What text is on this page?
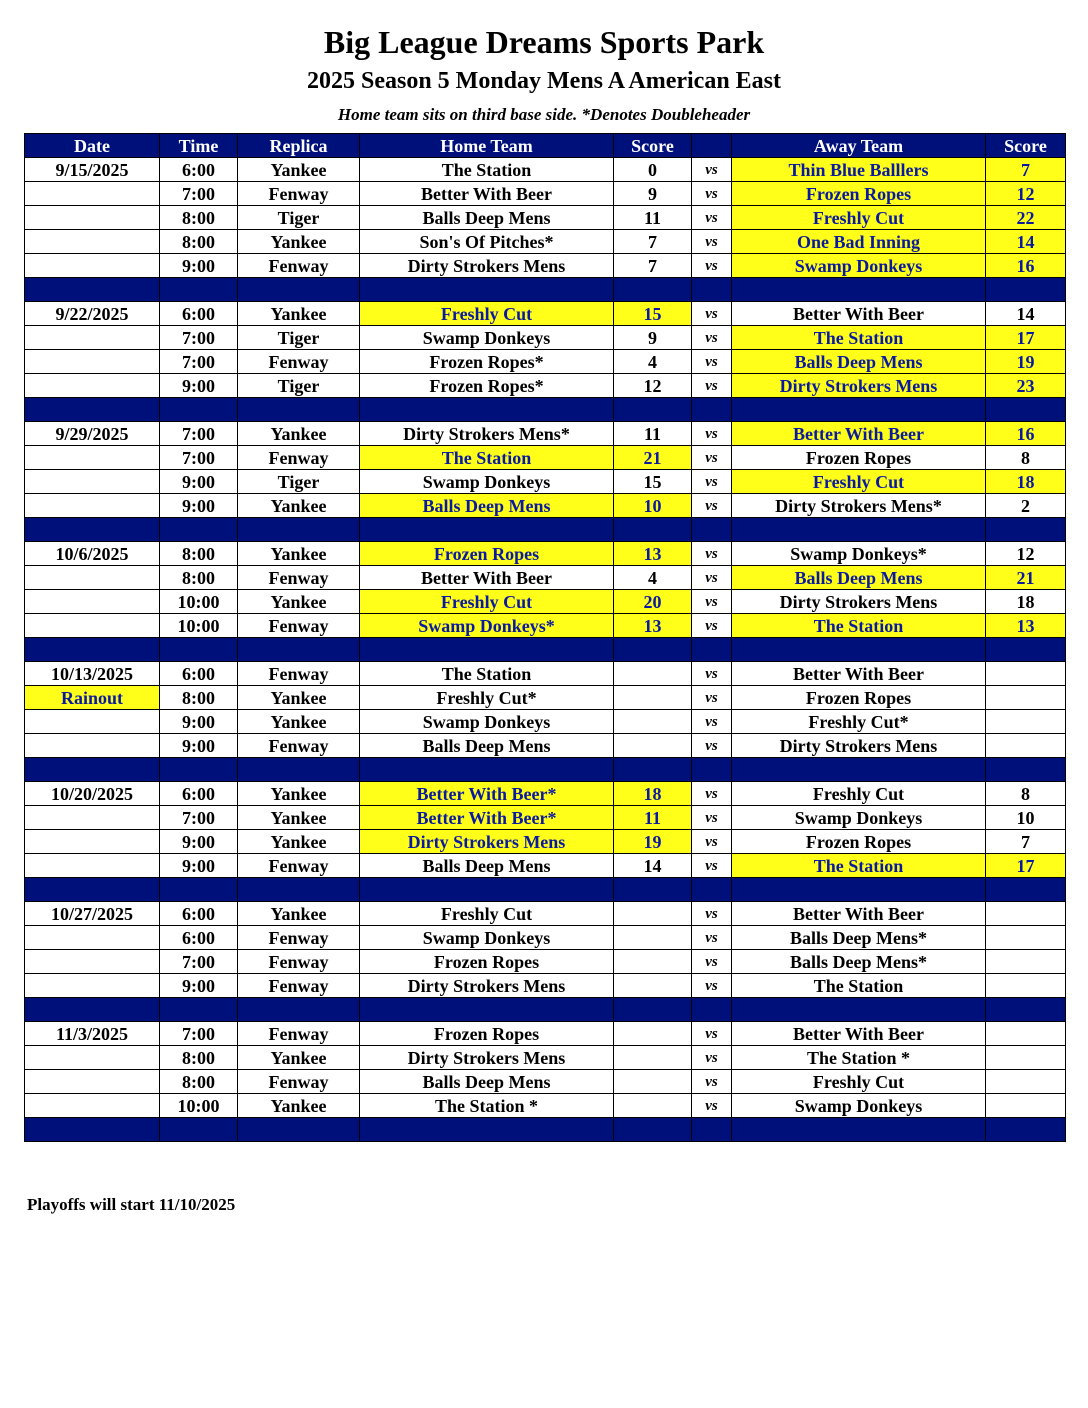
Big League Dreams Sports Park
2025 Season 5 Monday Mens A American East
Home team sits on third base side. *Denotes Doubleheader
Date	Time	Replica	Home Team	Score		Away Team	Score
9/15/2025	6:00	Yankee	The Station	0	vs	Thin Blue Balllers	7
	7:00	Fenway	Better With Beer	9	vs	Frozen Ropes	12
	8:00	Tiger	Balls Deep Mens	11	vs	Freshly Cut	22
	8:00	Yankee	Son's Of Pitches*	7	vs	One Bad Inning	14
	9:00	Fenway	Dirty Strokers Mens	7	vs	Swamp Donkeys	16

9/22/2025	6:00	Yankee	Freshly Cut	15	vs	Better With Beer	14
	7:00	Tiger	Swamp Donkeys	9	vs	The Station	17
	7:00	Fenway	Frozen Ropes*	4	vs	Balls Deep Mens	19
	9:00	Tiger	Frozen Ropes*	12	vs	Dirty Strokers Mens	23

9/29/2025	7:00	Yankee	Dirty Strokers Mens*	11	vs	Better With Beer	16
	7:00	Fenway	The Station	21	vs	Frozen Ropes	8
	9:00	Tiger	Swamp Donkeys	15	vs	Freshly Cut	18
	9:00	Yankee	Balls Deep Mens	10	vs	Dirty Strokers Mens*	2

10/6/2025	8:00	Yankee	Frozen Ropes	13	vs	Swamp Donkeys*	12
	8:00	Fenway	Better With Beer	4	vs	Balls Deep Mens	21
	10:00	Yankee	Freshly Cut	20	vs	Dirty Strokers Mens	18
	10:00	Fenway	Swamp Donkeys*	13	vs	The Station	13

10/13/2025	6:00	Fenway	The Station		vs	Better With Beer	
Rainout	8:00	Yankee	Freshly Cut*		vs	Frozen Ropes	
	9:00	Yankee	Swamp Donkeys		vs	Freshly Cut*	
	9:00	Fenway	Balls Deep Mens		vs	Dirty Strokers Mens	

10/20/2025	6:00	Yankee	Better With Beer*	18	vs	Freshly Cut	8
	7:00	Yankee	Better With Beer*	11	vs	Swamp Donkeys	10
	9:00	Yankee	Dirty Strokers Mens	19	vs	Frozen Ropes	7
	9:00	Fenway	Balls Deep Mens	14	vs	The Station	17

10/27/2025	6:00	Yankee	Freshly Cut		vs	Better With Beer	
	6:00	Fenway	Swamp Donkeys		vs	Balls Deep Mens*	
	7:00	Fenway	Frozen Ropes		vs	Balls Deep Mens*	
	9:00	Fenway	Dirty Strokers Mens		vs	The Station	

11/3/2025	7:00	Fenway	Frozen Ropes		vs	Better With Beer	
	8:00	Yankee	Dirty Strokers Mens		vs	The Station *	
	8:00	Fenway	Balls Deep Mens		vs	Freshly Cut	
	10:00	Yankee	The Station *		vs	Swamp Donkeys	

Playoffs will start 11/10/2025
